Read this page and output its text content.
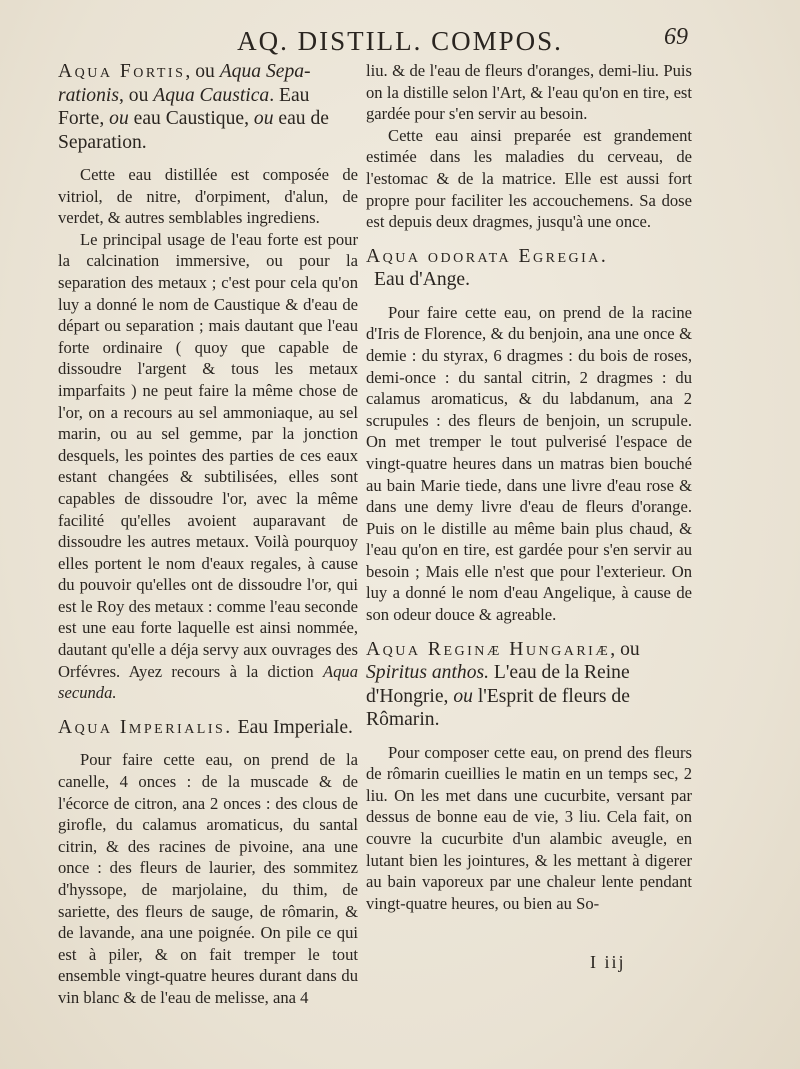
AQ. DISTILL. COMPOS.	69
Aqua Fortis, ou Aqua Sepa-rationis, ou Aqua Caustica. Eau Forte, ou eau Caustique, ou eau de Separation.

Cette eau distillée est composée de vitriol, de nitre, d'orpiment, d'alun, de verdet, & autres semblables ingrediens.

Le principal usage de l'eau forte est pour la calcination immersive, ou pour la separation des metaux ; c'est pour cela qu'on luy a donné le nom de Caustique & d'eau de départ ou separation ; mais dautant que l'eau forte ordinaire ( quoy que capable de dissoudre l'argent & tous les metaux imparfaits ) ne peut faire la même chose de l'or, on a recours au sel ammoniaque, au sel marin, ou au sel gemme, par la jonction desquels, les pointes des parties de ces eaux estant changées & subtilisées, elles sont capables de dissoudre l'or, avec la même facilité qu'elles avoient auparavant de dissoudre les autres metaux. Voilà pourquoy elles portent le nom d'eaux regales, à cause du pouvoir qu'elles ont de dissoudre l'or, qui est le Roy des metaux : comme l'eau seconde est une eau forte laquelle est ainsi nommée, dautant qu'elle a déja servy aux ouvrages des Orfévres. Ayez recours à la diction Aqua secunda.

Aqua Imperialis. Eau Imperiale.

Pour faire cette eau, on prend de la canelle, 4 onces : de la muscade & de l'écorce de citron, ana 2 onces : des clous de girofle, du calamus aromaticus, du santal citrin, & des racines de pivoine, ana une once : des fleurs de laurier, des sommitez d'hyssope, de marjolaine, du thim, de sariette, des fleurs de sauge, de rômarin, & de lavande, ana une poignée. On pile ce qui est à piler, & on fait tremper le tout ensemble vingt-quatre heures durant dans du vin blanc & de l'eau de melisse, ana 4

liu. & de l'eau de fleurs d'oranges, demi-liu. Puis on la distille selon l'Art, & l'eau qu'on en tire, est gardée pour s'en servir au besoin.

Cette eau ainsi preparée est grandement estimée dans les maladies du cerveau, de l'estomac & de la matrice. Elle est aussi fort propre pour faciliter les accouchemens. Sa dose est depuis deux dragmes, jusqu'à une once.

Aqua odorata Egregia.
Eau d'Ange.

Pour faire cette eau, on prend de la racine d'Iris de Florence, & du benjoin, ana une once & demie : du styrax, 6 dragmes : du bois de roses, demi-once : du santal citrin, 2 dragmes : du calamus aromaticus, & du labdanum, ana 2 scrupules : des fleurs de benjoin, un scrupule. On met tremper le tout pulverisé l'espace de vingt-quatre heures dans un matras bien bouché au bain Marie tiede, dans une livre d'eau rose & dans une demy livre d'eau de fleurs d'orange. Puis on le distille au même bain plus chaud, & l'eau qu'on en tire, est gardée pour s'en servir au besoin ; Mais elle n'est que pour l'exterieur. On luy a donné le nom d'eau Angelique, à cause de son odeur douce & agreable.

Aqua Reginæ Hungariæ, ou Spiritus anthos. L'eau de la Reine d'Hongrie, ou l'Esprit de fleurs de Rômarin.

Pour composer cette eau, on prend des fleurs de rômarin cueillies le matin en un temps sec, 2 liu. On les met dans une cucurbite, versant par dessus de bonne eau de vie, 3 liu. Cela fait, on couvre la cucurbite d'un alambic aveugle, en lutant bien les jointures, & les mettant à digerer au bain vaporeux par une chaleur lente pendant vingt-quatre heures, ou bien au So-

I iij
